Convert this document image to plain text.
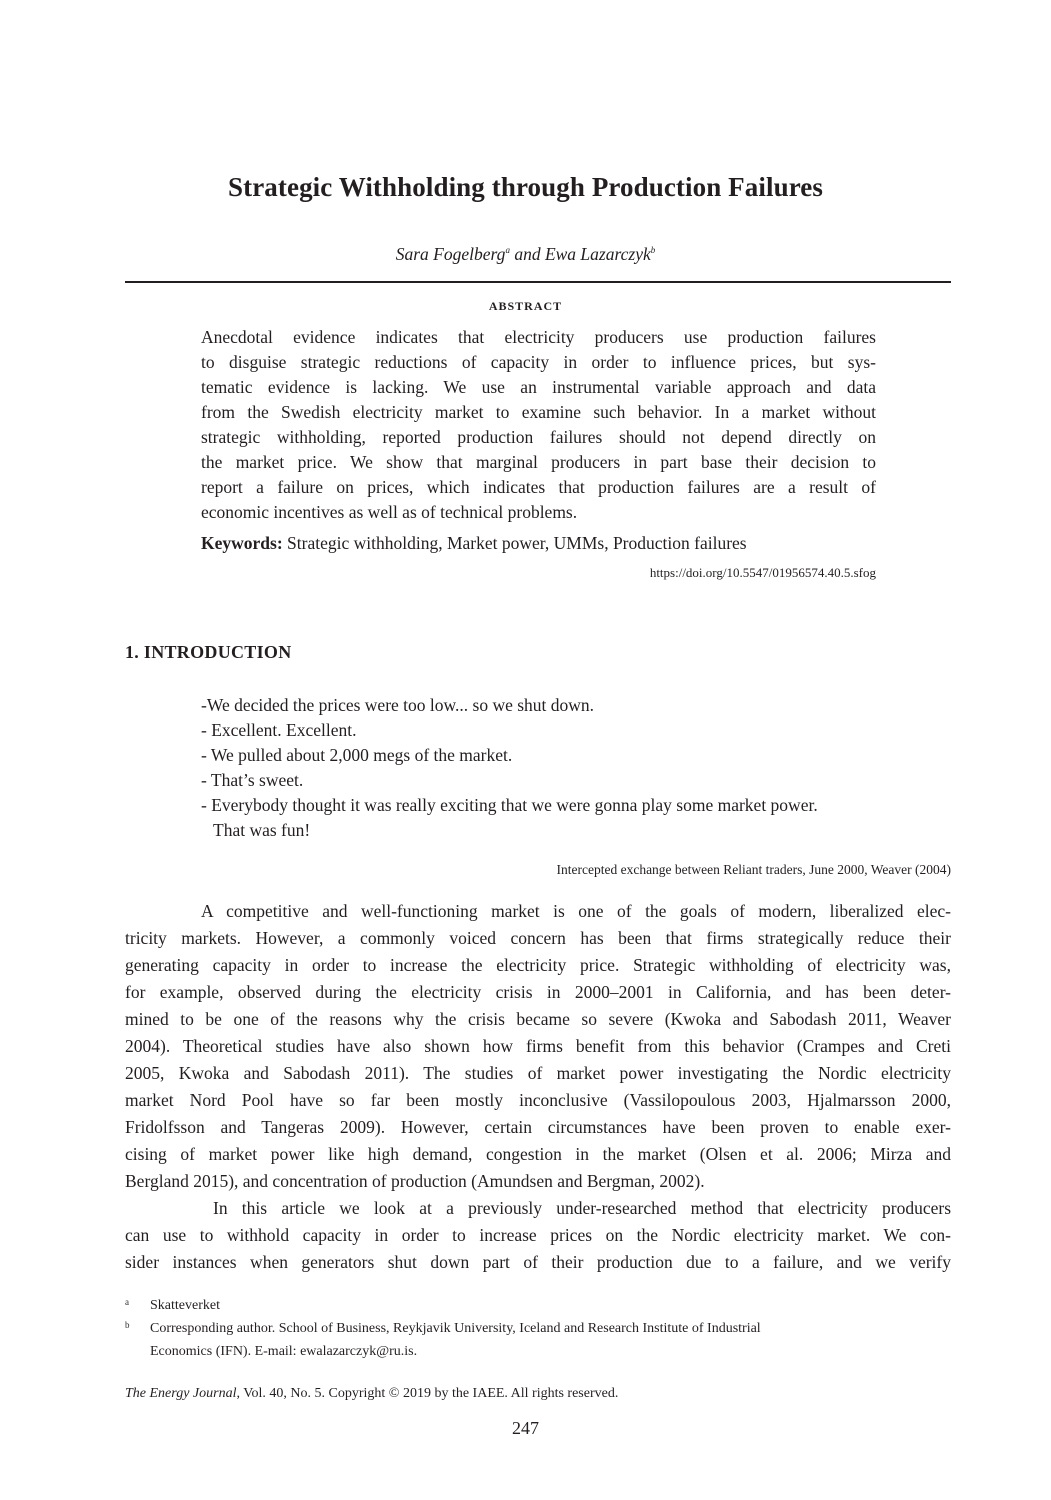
Strategic Withholding through Production Failures
Sara Fogelberg$^a$ and Ewa Lazarczyk$^b$
ABSTRACT
Anecdotal evidence indicates that electricity producers use production failures
to disguise strategic reductions of capacity in order to influence prices, but sys-
tematic evidence is lacking. We use an instrumental variable approach and data
from the Swedish electricity market to examine such behavior. In a market without
strategic withholding, reported production failures should not depend directly on
the market price. We show that marginal producers in part base their decision to
report a failure on prices, which indicates that production failures are a result of
economic incentives as well as of technical problems.
Keywords: Strategic withholding, Market power, UMMs, Production failures
https://doi.org/10.5547/01956574.40.5.sfog
1. INTRODUCTION
-We decided the prices were too low... so we shut down.
- Excellent. Excellent.
- We pulled about 2,000 megs of the market.
- That’s sweet.
- Everybody thought it was really exciting that we were gonna play some market power.
That was fun!
Intercepted exchange between Reliant traders, June 2000, Weaver (2004)
A competitive and well-functioning market is one of the goals of modern, liberalized elec-
tricity markets. However, a commonly voiced concern has been that firms strategically reduce their
generating capacity in order to increase the electricity price. Strategic withholding of electricity was,
for example, observed during the electricity crisis in 2000–2001 in California, and has been deter-
mined to be one of the reasons why the crisis became so severe (Kwoka and Sabodash 2011, Weaver
2004). Theoretical studies have also shown how firms benefit from this behavior (Crampes and Creti
2005, Kwoka and Sabodash 2011). The studies of market power investigating the Nordic electricity
market Nord Pool have so far been mostly inconclusive (Vassilopoulous 2003, Hjalmarsson 2000,
Fridolfsson and Tangeras 2009). However, certain circumstances have been proven to enable exer-
cising of market power like high demand, congestion in the market (Olsen et al. 2006; Mirza and
Bergland 2015), and concentration of production (Amundsen and Bergman, 2002).
In this article we look at a previously under-researched method that electricity producers
can use to withhold capacity in order to increase prices on the Nordic electricity market. We con-
sider instances when generators shut down part of their production due to a failure, and we verify
a Skatteverket
b Corresponding author. School of Business, Reykjavik University, Iceland and Research Institute of Industrial
Economics (IFN). E-mail: ewalazarczyk@ru.is.
The Energy Journal, Vol. 40, No. 5. Copyright © 2019 by the IAEE. All rights reserved.
247
